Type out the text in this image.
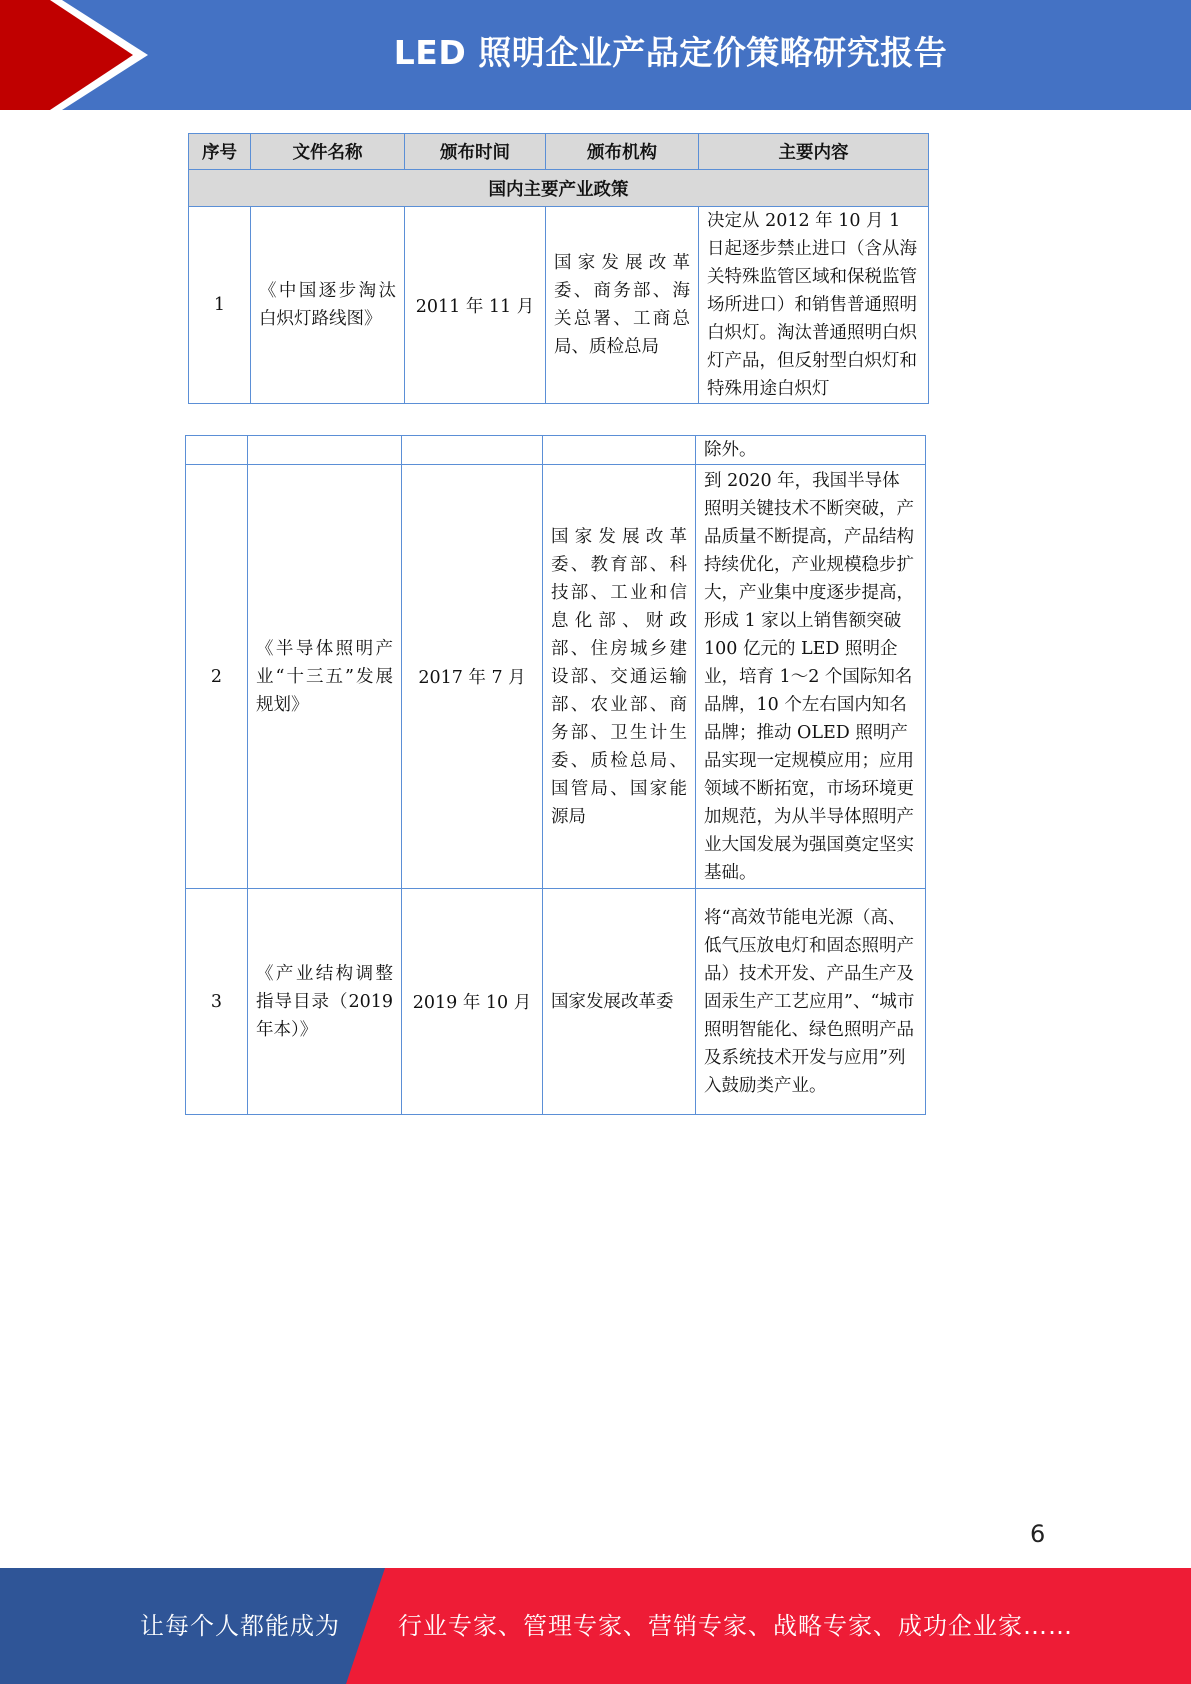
LED 照明企业产品定价策略研究报告
序号	文件名称	颁布时间	颁布机构	主要内容
国内主要产业政策				
1	《中国逐步淘汰白炽灯路线图》	2011 年 11 月	国家发展改革委、商务部、海关总署、工商总局、质检总局	决定从 2012 年 10 月 1 日起逐步禁止进口（含从海关特殊监管区域和保税监管场所进口）和销售普通照明白炽灯。淘汰普通照明白炽灯产品，但反射型白炽灯和特殊用途白炽灯
				除外。
2	《半导体照明产业“十三五”发展规划》	2017 年 7 月	国家发展改革委、教育部、科技部、工业和信息化部、财政部、住房城乡建设部、交通运输部、农业部、商务部、卫生计生委、质检总局、国管局、国家能源局	到 2020 年，我国半导体照明关键技术不断突破，产品质量不断提高，产品结构持续优化，产业规模稳步扩大，产业集中度逐步提高，形成 1 家以上销售额突破 100 亿元的 LED 照明企业，培育 1～2 个国际知名品牌，10 个左右国内知名品牌；推动 OLED 照明产品实现一定规模应用；应用领域不断拓宽，市场环境更加规范，为从半导体照明产业大国发展为强国奠定坚实基础。
3	《产业结构调整指导目录（2019 年本）》	2019 年 10 月	国家发展改革委	将“高效节能电光源（高、低气压放电灯和固态照明产品）技术开发、产品生产及固汞生产工艺应用”、“城市照明智能化、绿色照明产品及系统技术开发与应用”列入鼓励类产业。
6
让每个人都能成为 行业专家、管理专家、营销专家、战略专家、成功企业家……
